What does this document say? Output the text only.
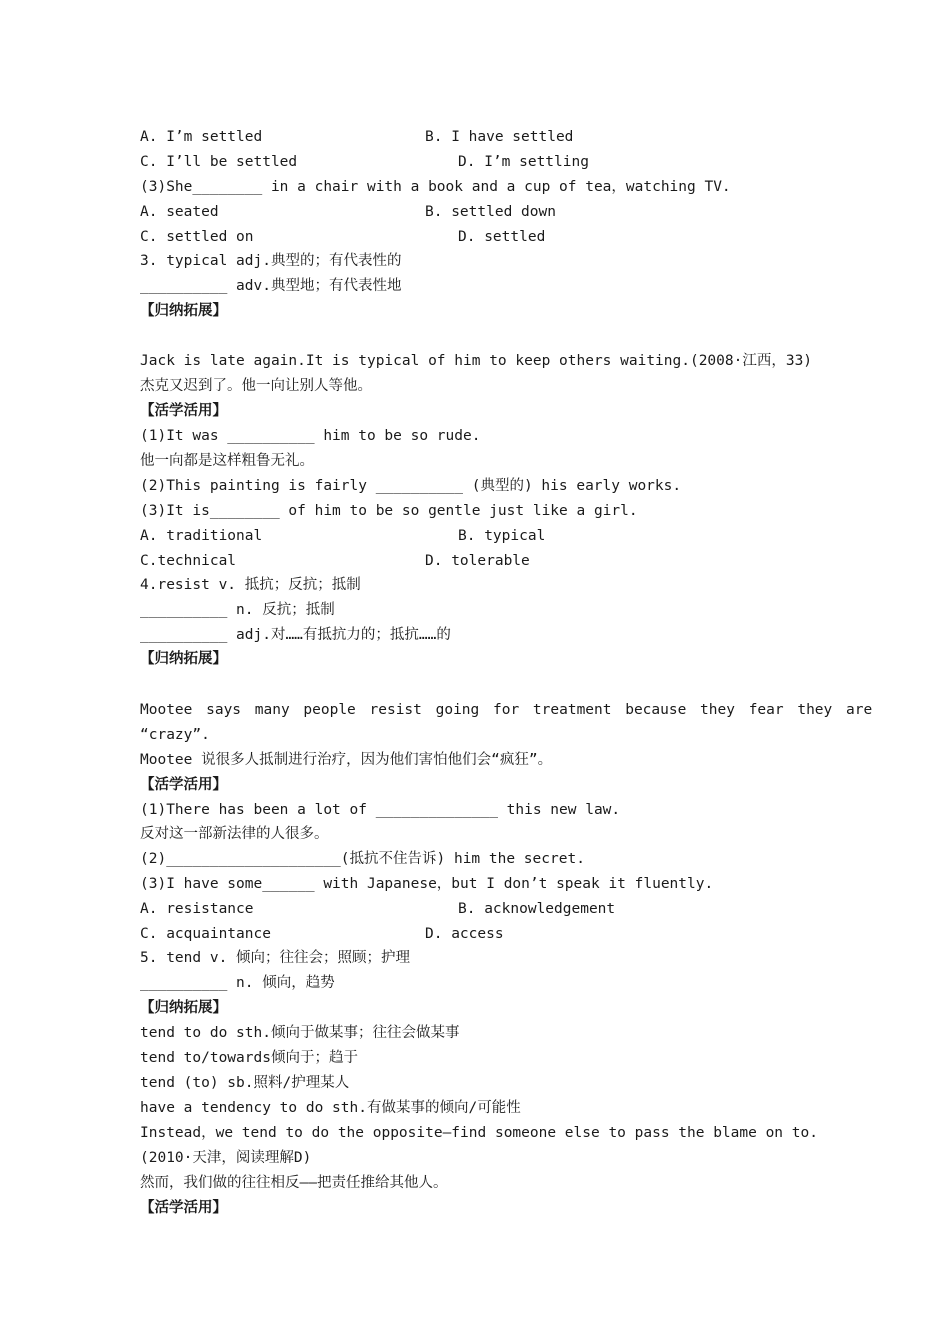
A. I’m settled	B. I have settled
C. I’ll be settled	D. I’m settling
(3)She________ in a chair with a book and a cup of tea，watching TV.
A. seated	B. settled down
C. settled on	D. settled
3. typical adj.典型的；有代表性的
__________ adv.典型地；有代表性地
【归纳拓展】
Jack is late again.It is typical of him to keep others waiting.(2008·江西，33)
杰克又迟到了。他一向让别人等他。
【活学活用】
(1)It was __________ him to be so rude.
他一向都是这样粗鲁无礼。
(2)This painting is fairly __________ (典型的) his early works.
(3)It is________ of him to be so gentle just like a girl.
A. traditional	B. typical
C.technical	D. tolerable
4.resist v. 抵抗；反抗；抵制
__________ n. 反抗；抵制
__________ adj.对……有抵抗力的；抵抗……的
【归纳拓展】
Mootee says many people resist going for treatment because they fear they are
“crazy”.
Mootee 说很多人抵制进行治疗，因为他们害怕他们会“疯狂”。
【活学活用】
(1)There has been a lot of ______________ this new law.
反对这一部新法律的人很多。
(2)____________________(抵抗不住告诉) him the secret.
(3)I have some______ with Japanese，but I don’t speak it fluently.
A. resistance	B. acknowledgement
C. acquaintance	D. access
5. tend v. 倾向；往往会；照顾；护理
__________ n. 倾向，趋势
【归纳拓展】
tend to do sth.倾向于做某事；往往会做某事
tend to/towards倾向于；趋于
tend (to) sb.照料/护理某人
have a tendency to do sth.有做某事的倾向/可能性
Instead，we tend to do the opposite—find someone else to pass the blame on to.
(2010·天津，阅读理解D)
然而，我们做的往往相反——把责任推给其他人。
【活学活用】
